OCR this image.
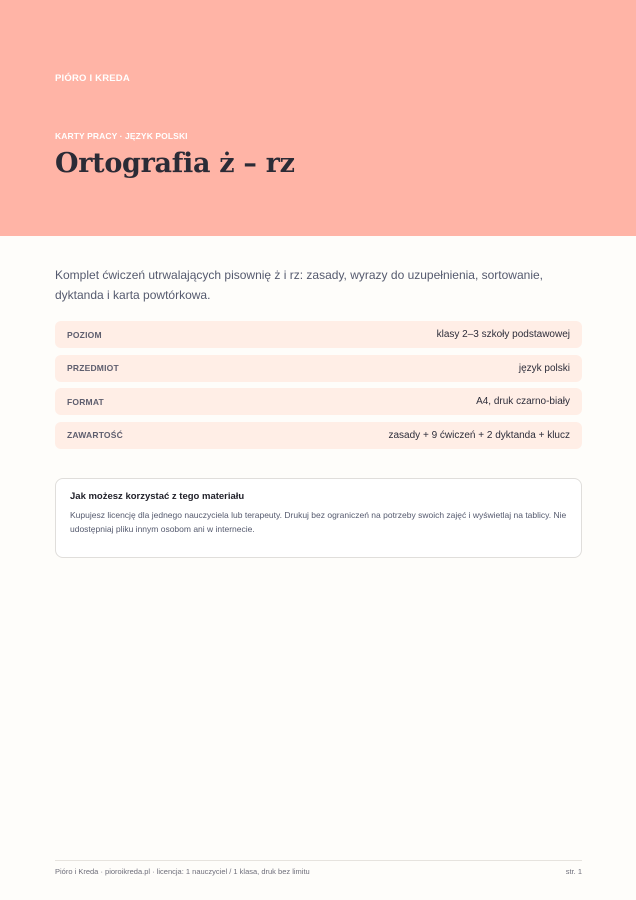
PIÓRO I KREDA
KARTY PRACY · JĘZYK POLSKI
Ortografia ż – rz

Komplet ćwiczeń utrwalających pisownię ż i rz: zasady, wyrazy do uzupełnienia, sortowanie, dyktanda i karta powtórkowa.

POZIOM	klasy 2–3 szkoły podstawowej
PRZEDMIOT	język polski
FORMAT	A4, druk czarno-biały
ZAWARTOŚĆ	zasady + 9 ćwiczeń + 2 dyktanda + klucz
Jak możesz korzystać z tego materiału

Kupujesz licencję dla jednego nauczyciela lub terapeuty. Drukuj bez ograniczeń na potrzeby swoich zajęć i wyświetlaj na tablicy. Nie udostępniaj pliku innym osobom ani w internecie.

Pióro i Kreda · pioroikreda.pl · licencja: 1 nauczyciel / 1 klasa, druk bez limitu	str. 1
